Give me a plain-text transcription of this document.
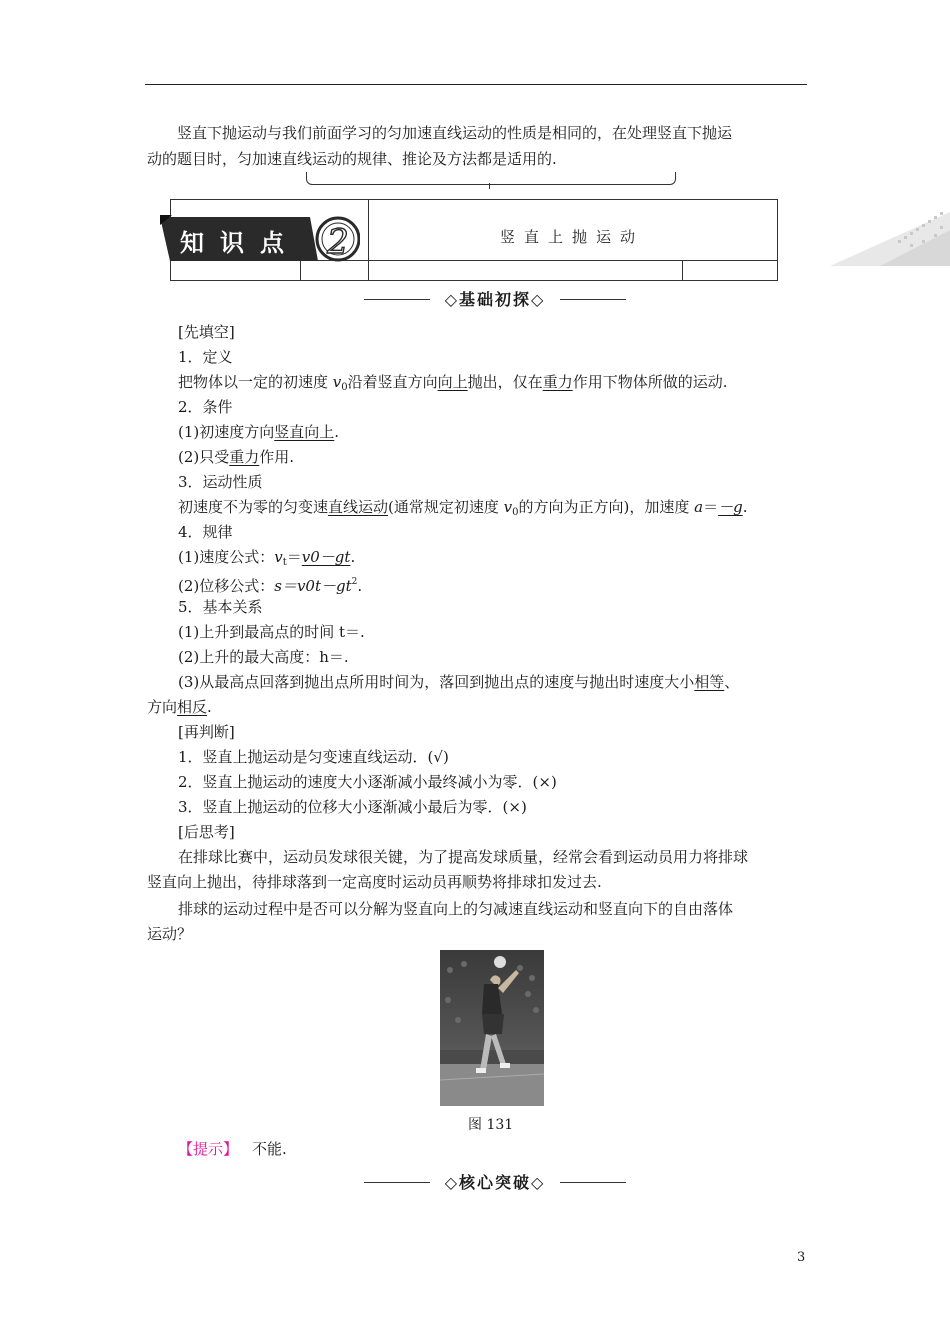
竖直下抛运动与我们前面学习的匀加速直线运动的性质是相同的，在处理竖直下抛运
动的题目时，匀加速直线运动的规律、推论及方法都是适用的.
2
知识点	竖直上抛运动
◇基础初探◇
[先填空]
1．定义
把物体以一定的初速度 $v_0$沿着竖直方向向上抛出，仅在重力作用下物体所做的运动.
2．条件
(1)初速度方向竖直向上.
(2)只受重力作用.
3．运动性质
初速度不为零的匀变速直线运动(通常规定初速度 $v_0$的方向为正方向)，加速度 a＝－g.
4．规律
(1)速度公式：$v_t=v0-gt$.
(2)位移公式：$s=v0t-gt^2$.
5．基本关系
(1)上升到最高点的时间 t＝.
(2)上升的最大高度：h＝.
(3)从最高点回落到抛出点所用时间为，落回到抛出点的速度与抛出时速度大小相等、
方向相反.
[再判断]
1．竖直上抛运动是匀变速直线运动．(√)
2．竖直上抛运动的速度大小逐渐减小最终减小为零．(×)
3．竖直上抛运动的位移大小逐渐减小最后为零．(×)
[后思考]
在排球比赛中，运动员发球很关键，为了提高发球质量，经常会看到运动员用力将排球
竖直向上抛出，待排球落到一定高度时运动员再顺势将排球扣发过去.
排球的运动过程中是否可以分解为竖直向上的匀减速直线运动和竖直向下的自由落体
运动？
图 131
【提示】 不能.
◇核心突破◇
3
